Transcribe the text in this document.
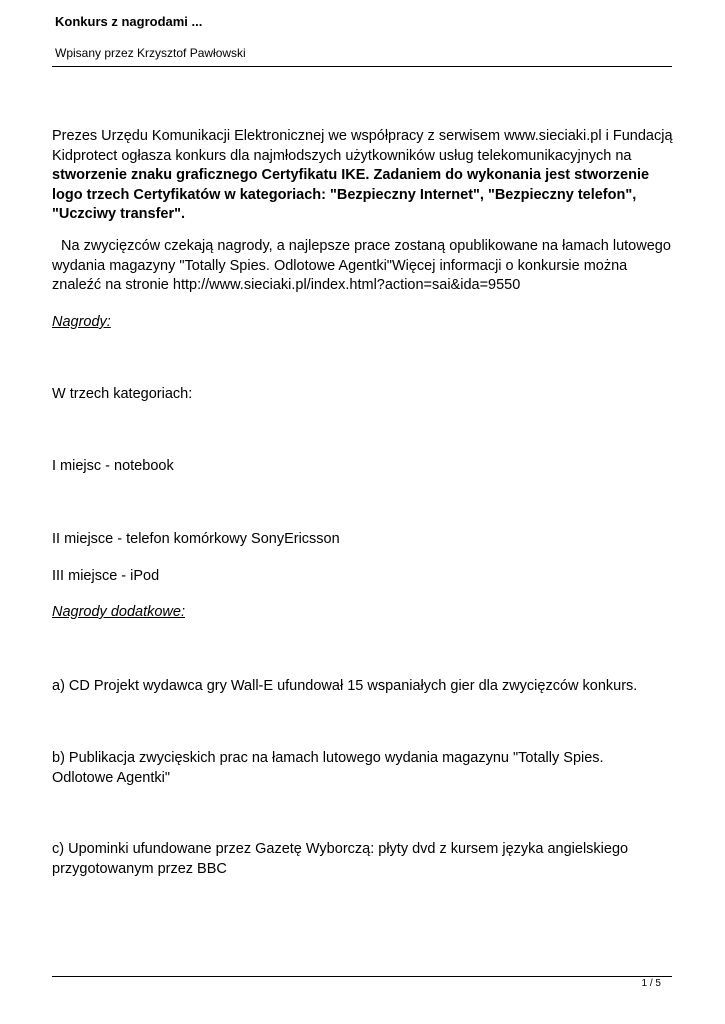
Konkurs z nagrodami ...
Wpisany przez Krzysztof Pawłowski

Prezes Urzędu Komunikacji Elektronicznej we współpracy z serwisem www.sieciaki.pl i Fundacją Kidprotect ogłasza konkurs dla najmłodszych użytkowników usług telekomunikacyjnych na stworzenie znaku graficznego Certyfikatu IKE. Zadaniem do wykonania jest stworzenie logo trzech Certyfikatów w kategoriach: "Bezpieczny Internet", "Bezpieczny telefon", "Uczciwy transfer".

Na zwycięzców czekają nagrody, a najlepsze prace zostaną opublikowane na łamach lutowego wydania magazyny "Totally Spies. Odlotowe Agentki"Więcej informacji o konkursie można znaleźć na stronie http://www.sieciaki.pl/index.html?action=sai&ida=9550

Nagrody:

W trzech kategoriach:

I miejsc - notebook

II miejsce - telefon komórkowy SonyEricsson

III miejsce - iPod

Nagrody dodatkowe:

a) CD Projekt wydawca gry Wall-E ufundował 15 wspaniałych gier dla zwycięzców konkurs.

b) Publikacja zwycięskich prac na łamach lutowego wydania magazynu "Totally Spies. Odlotowe Agentki"

c) Upominki ufundowane przez Gazetę Wyborczą: płyty dvd z kursem języka angielskiego przygotowanym przez BBC

1 / 5
